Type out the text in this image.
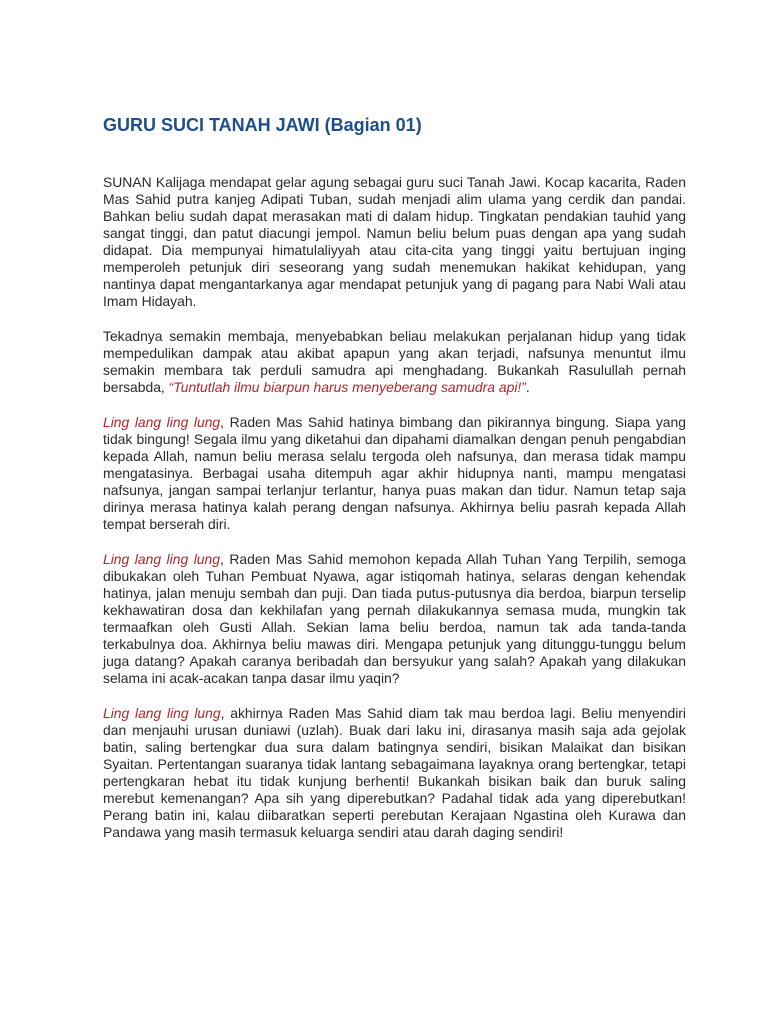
GURU SUCI TANAH JAWI (Bagian 01)

SUNAN Kalijaga mendapat gelar agung sebagai guru suci Tanah Jawi. Kocap kacarita, Raden Mas Sahid putra kanjeg Adipati Tuban, sudah menjadi alim ulama yang cerdik dan pandai. Bahkan beliu sudah dapat merasakan mati di dalam hidup. Tingkatan pendakian tauhid yang sangat tinggi, dan patut diacungi jempol. Namun beliu belum puas dengan apa yang sudah didapat. Dia mempunyai himatulaliyyah atau cita-cita yang tinggi yaitu bertujuan inging memperoleh petunjuk diri seseorang yang sudah menemukan hakikat kehidupan, yang nantinya dapat mengantarkanya agar mendapat petunjuk yang di pagang para Nabi Wali atau Imam Hidayah.

Tekadnya semakin membaja, menyebabkan beliau melakukan perjalanan hidup yang tidak mempedulikan dampak atau akibat apapun yang akan terjadi, nafsunya menuntut ilmu semakin membara tak perduli samudra api menghadang. Bukankah Rasulullah pernah bersabda, “Tuntutlah ilmu biarpun harus menyeberang samudra api!”.

Ling lang ling lung, Raden Mas Sahid hatinya bimbang dan pikirannya bingung. Siapa yang tidak bingung! Segala ilmu yang diketahui dan dipahami diamalkan dengan penuh pengabdian kepada Allah, namun beliu merasa selalu tergoda oleh nafsunya, dan merasa tidak mampu mengatasinya. Berbagai usaha ditempuh agar akhir hidupnya nanti, mampu mengatasi nafsunya, jangan sampai terlanjur terlantur, hanya puas makan dan tidur. Namun tetap saja dirinya merasa hatinya kalah perang dengan nafsunya. Akhirnya beliu pasrah kepada Allah tempat berserah diri.

Ling lang ling lung, Raden Mas Sahid memohon kepada Allah Tuhan Yang Terpilih, semoga dibukakan oleh Tuhan Pembuat Nyawa, agar istiqomah hatinya, selaras dengan kehendak hatinya, jalan menuju sembah dan puji. Dan tiada putus-putusnya dia berdoa, biarpun terselip kekhawatiran dosa dan kekhilafan yang pernah dilakukannya semasa muda, mungkin tak termaafkan oleh Gusti Allah. Sekian lama beliu berdoa, namun tak ada tanda-tanda terkabulnya doa. Akhirnya beliu mawas diri. Mengapa petunjuk yang ditunggu-tunggu belum juga datang? Apakah caranya beribadah dan bersyukur yang salah? Apakah yang dilakukan selama ini acak-acakan tanpa dasar ilmu yaqin?

Ling lang ling lung, akhirnya Raden Mas Sahid diam tak mau berdoa lagi. Beliu menyendiri dan menjauhi urusan duniawi (uzlah). Buak dari laku ini, dirasanya masih saja ada gejolak batin, saling bertengkar dua sura dalam batingnya sendiri, bisikan Malaikat dan bisikan Syaitan. Pertentangan suaranya tidak lantang sebagaimana layaknya orang bertengkar, tetapi pertengkaran hebat itu tidak kunjung berhenti! Bukankah bisikan baik dan buruk saling merebut kemenangan? Apa sih yang diperebutkan? Padahal tidak ada yang diperebutkan! Perang batin ini, kalau diibaratkan seperti perebutan Kerajaan Ngastina oleh Kurawa dan Pandawa yang masih termasuk keluarga sendiri atau darah daging sendiri!
